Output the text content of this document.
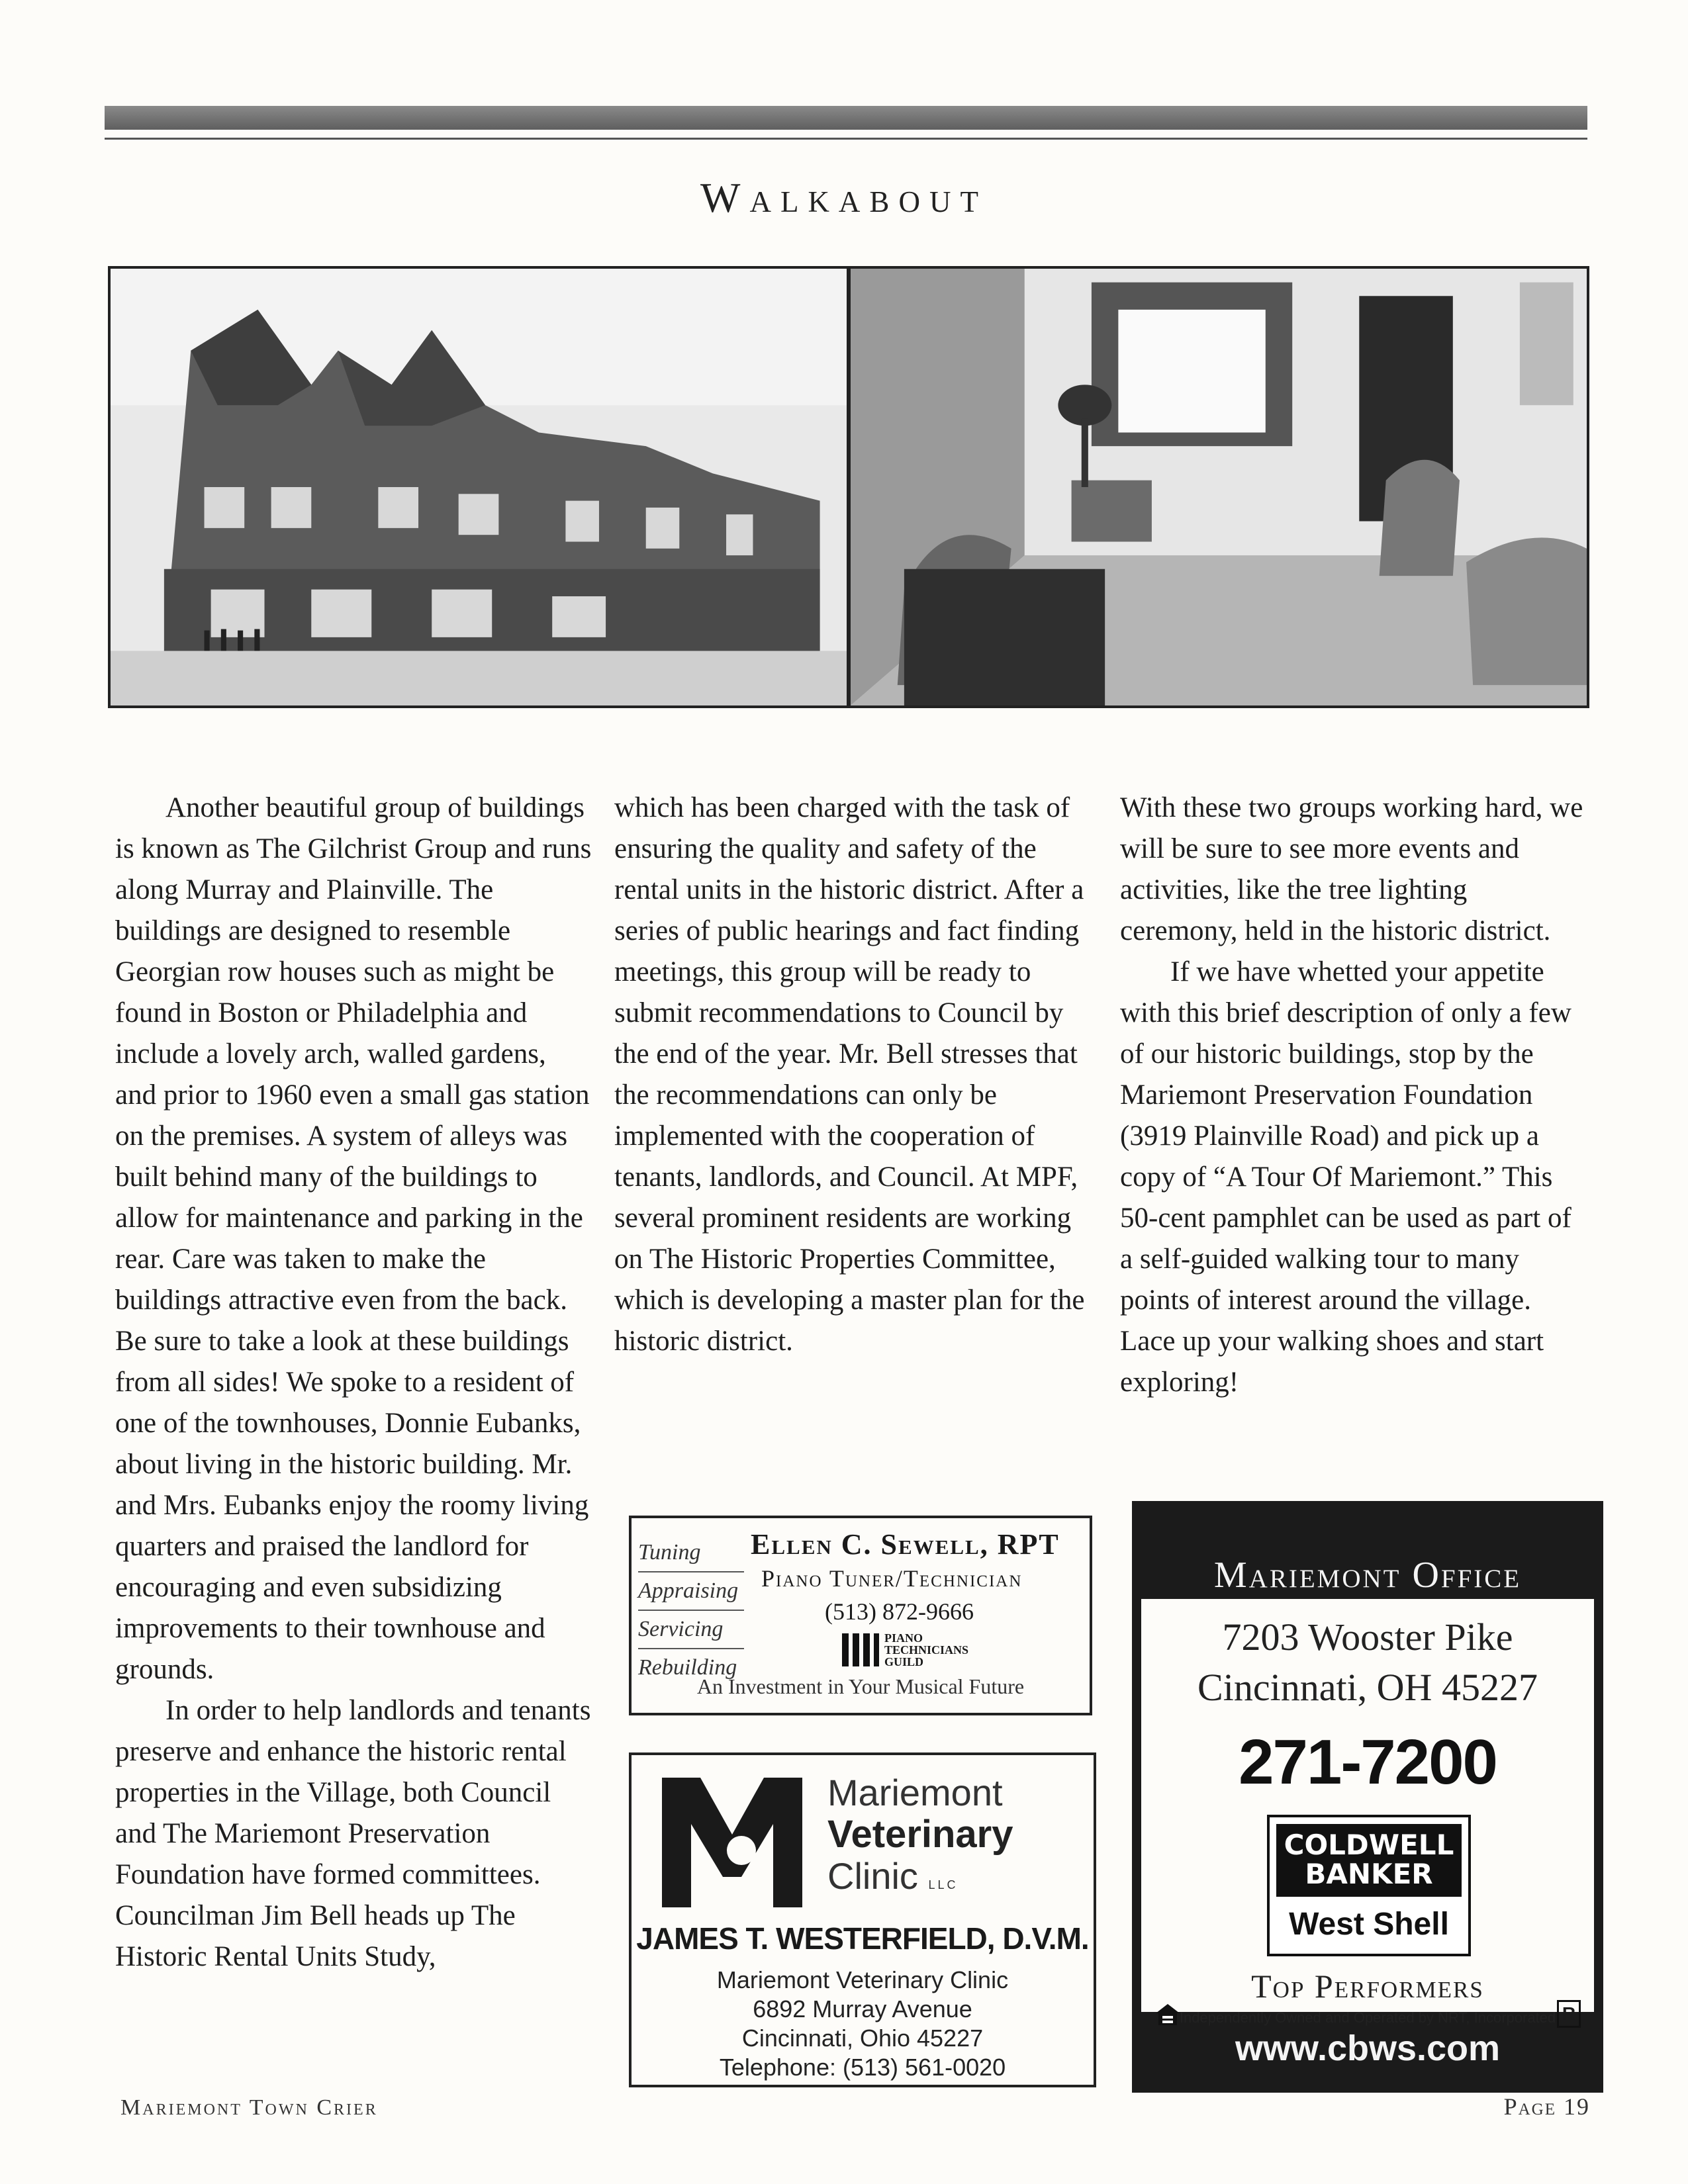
Walkabout

Another beautiful group of buildings is known as The Gilchrist Group and runs along Murray and Plainville. The buildings are designed to resemble Georgian row houses such as might be found in Boston or Philadelphia and include a lovely arch, walled gardens, and prior to 1960 even a small gas station on the premises. A system of alleys was built behind many of the buildings to allow for maintenance and parking in the rear. Care was taken to make the buildings attractive even from the back. Be sure to take a look at these buildings from all sides! We spoke to a resident of one of the townhouses, Donnie Eubanks, about living in the historic building. Mr. and Mrs. Eubanks enjoy the roomy living quarters and praised the landlord for encouraging and even subsidizing improvements to their townhouse and grounds.

In order to help landlords and tenants preserve and enhance the historic rental properties in the Village, both Council and The Mariemont Preservation Foundation have formed committees. Councilman Jim Bell heads up The Historic Rental Units Study,

which has been charged with the task of ensuring the quality and safety of the rental units in the historic district. After a series of public hearings and fact finding meetings, this group will be ready to submit recommendations to Council by the end of the year. Mr. Bell stresses that the recommendations can only be implemented with the cooperation of tenants, landlords, and Council. At MPF, several prominent residents are working on The Historic Properties Committee, which is developing a master plan for the historic district.

With these two groups working hard, we will be sure to see more events and activities, like the tree lighting ceremony, held in the historic district.

If we have whetted your appetite with this brief description of only a few of our historic buildings, stop by the Mariemont Preservation Foundation (3919 Plainville Road) and pick up a copy of “A Tour Of Mariemont.” This 50-cent pamphlet can be used as part of a self-guided walking tour to many points of interest around the village. Lace up your walking shoes and start exploring!

Tuning
Appraising
Servicing
Rebuilding
Ellen C. Sewell, RPT
Piano Tuner/Technician
(513) 872-9666
PIANO
TECHNICIANS
GUILD
An Investment in Your Musical Future
Mariemont
Veterinary
Clinic LLC
JAMES T. WESTERFIELD, D.V.M.
Mariemont Veterinary Clinic
6892 Murray Avenue
Cincinnati, Ohio 45227
Telephone: (513) 561-0020
Mariemont Office
7203 Wooster Pike
Cincinnati, OH 45227
271-7200
COLDWELL
BANKER
West Shell
Top Performers
Independently Owned and Operated by NRT, Incorporated R
www.cbws.com
Mariemont Town Crier	Page 19
